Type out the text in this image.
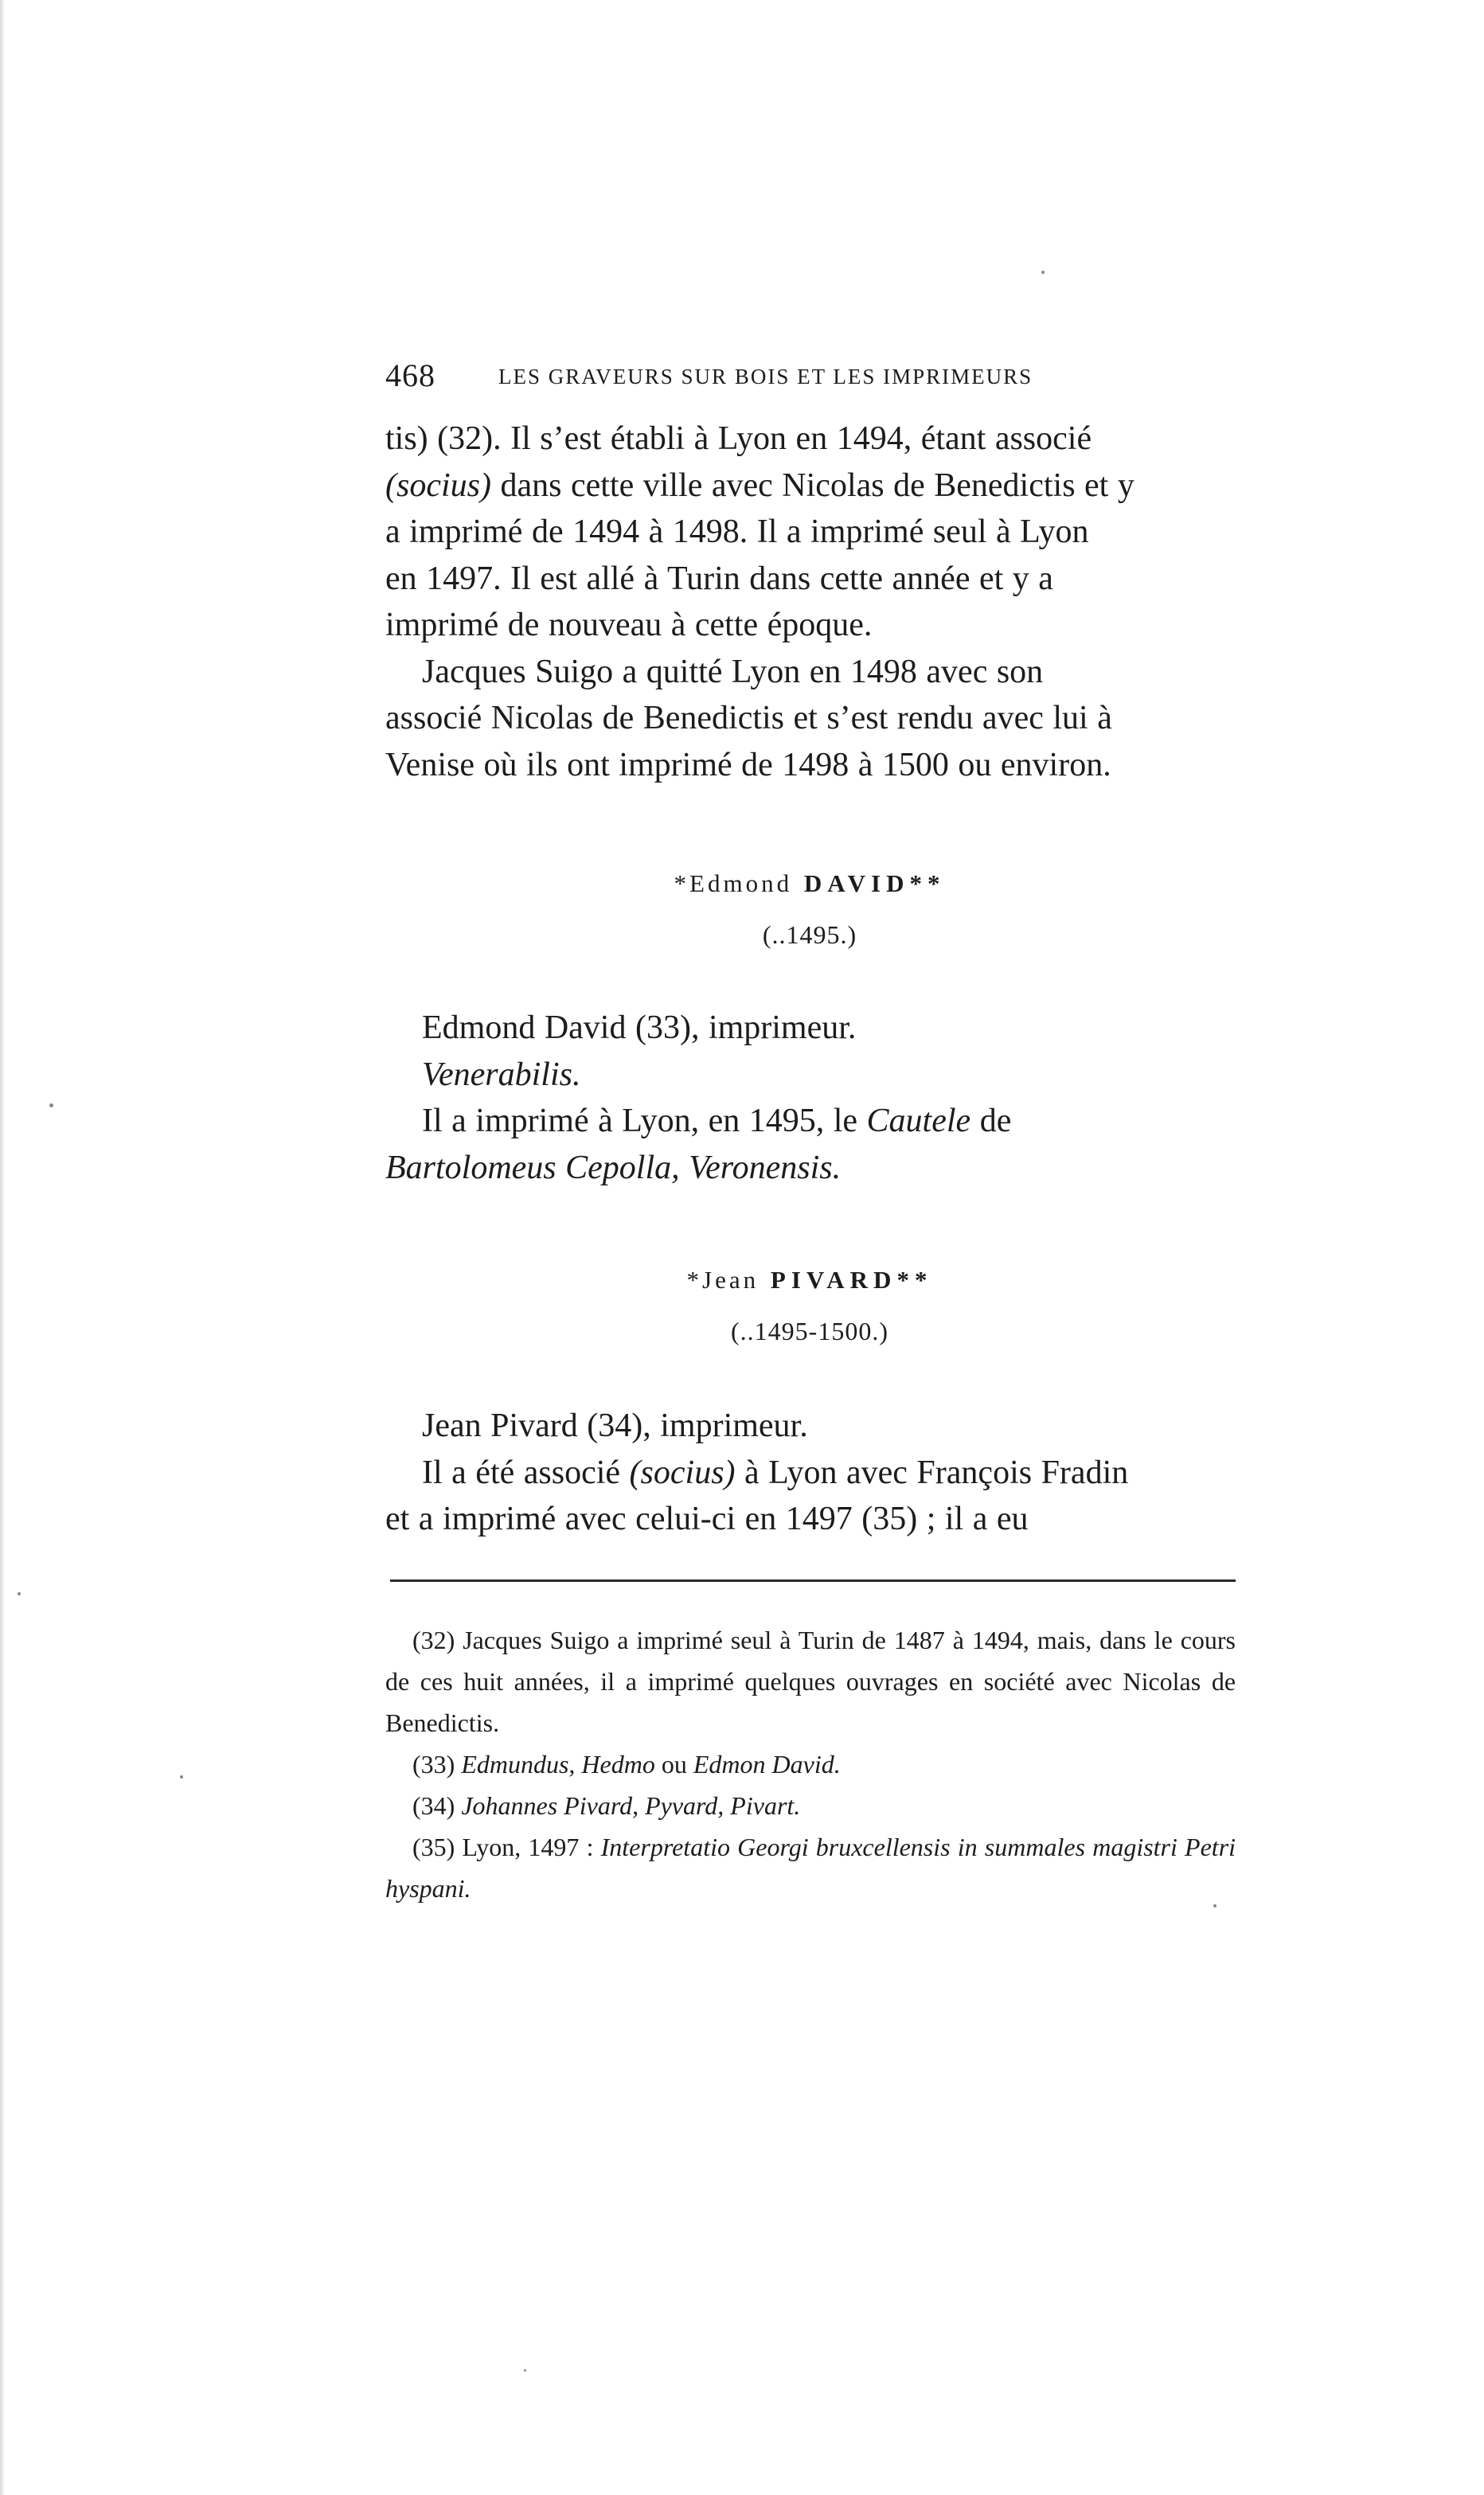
468	LES GRAVEURS SUR BOIS ET LES IMPRIMEURS

tis) (32). Il s’est établi à Lyon en 1494, étant associé
(socius) dans cette ville avec Nicolas de Benedictis et y
a imprimé de 1494 à 1498. Il a imprimé seul à Lyon
en 1497. Il est allé à Turin dans cette année et y a
imprimé de nouveau à cette époque.

Jacques Suigo a quitté Lyon en 1498 avec son
associé Nicolas de Benedictis et s’est rendu avec lui à
Venise où ils ont imprimé de 1498 à 1500 ou environ.

*Edmond DAVID**
(..1495.)

Edmond David (33), imprimeur.

Venerabilis.

Il a imprimé à Lyon, en 1495, le Cautele de
Bartolomeus Cepolla, Veronensis.

*Jean PIVARD**
(..1495-1500.)

Jean Pivard (34), imprimeur.

Il a été associé (socius) à Lyon avec François Fradin
et a imprimé avec celui-ci en 1497 (35) ; il a eu

(32) Jacques Suigo a imprimé seul à Turin de 1487 à 1494, mais, dans le cours de ces huit années, il a imprimé quelques ouvrages en société avec Nicolas de Benedictis.

(33) Edmundus, Hedmo ou Edmon David.

(34) Johannes Pivard, Pyvard, Pivart.

(35) Lyon, 1497 : Interpretatio Georgi bruxcellensis in summales magistri Petri hyspani.
